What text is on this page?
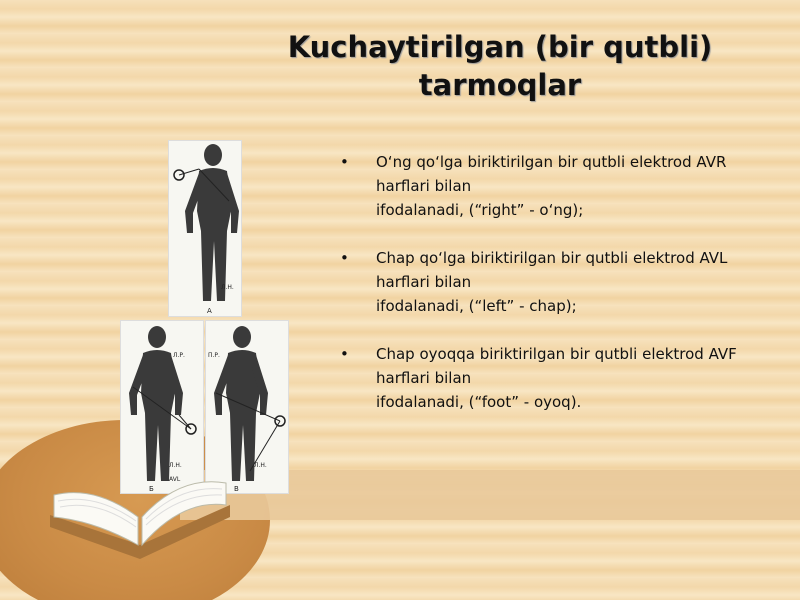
Kuchaytirilgan (bir qutbli)
tarmoqlar
• O‘ng qo‘lga biriktirilgan bir qutbli elektrod AVR
harflari bilan
ifodalanadi, (“right” - o‘ng);
• Chap qo‘lga biriktirilgan bir qutbli elektrod AVL
harflari bilan
ifodalanadi, (“left” - chap);
• Chap oyoqqa biriktirilgan bir qutbli elektrod AVF
harflari bilan
ifodalanadi, (“foot” - oyoq).
Л.Н.
А
Л.Р.
Л.Н.
AVL
Б
П.Р.
Л.Н.
В
